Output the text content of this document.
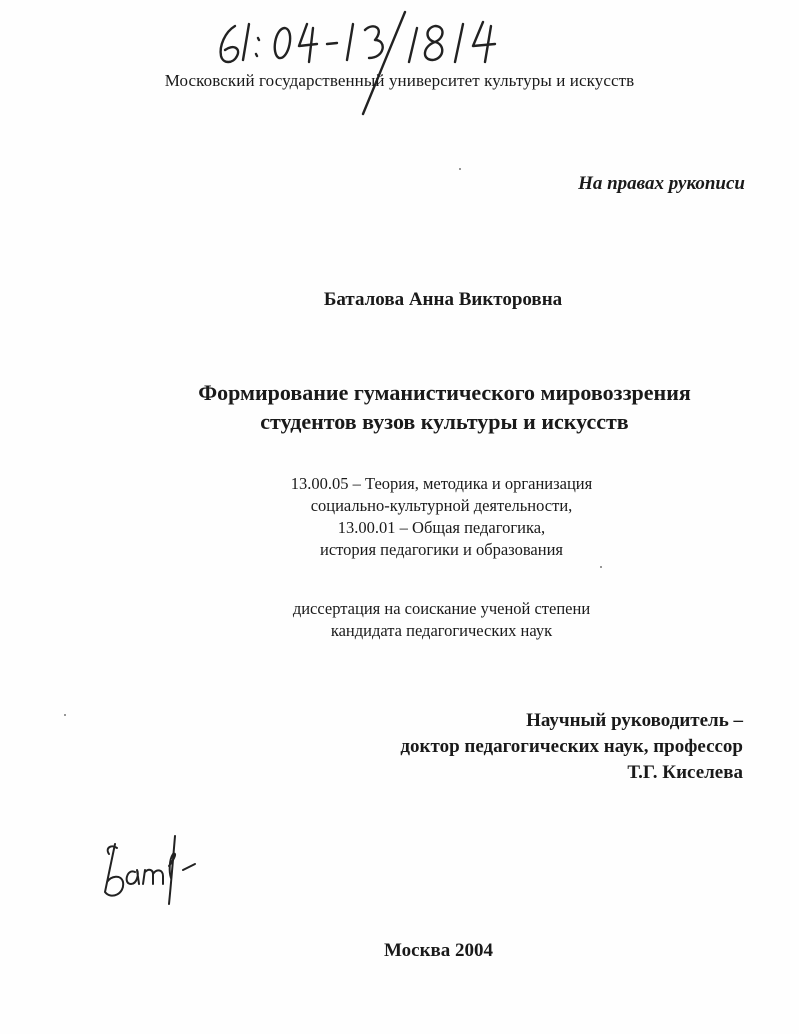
Московский государственный университет культуры и искусств
На правах рукописи
Баталова Анна Викторовна
Формирование гуманистического мировоззрения
студентов вузов культуры и искусств
13.00.05 – Теория, методика и организация
социально-культурной деятельности,
13.00.01 – Общая педагогика,
история педагогики и образования
диссертация на соискание ученой степени
кандидата педагогических наук
Научный руководитель –
доктор педагогических наук, профессор
Т.Г. Киселева
Москва 2004
